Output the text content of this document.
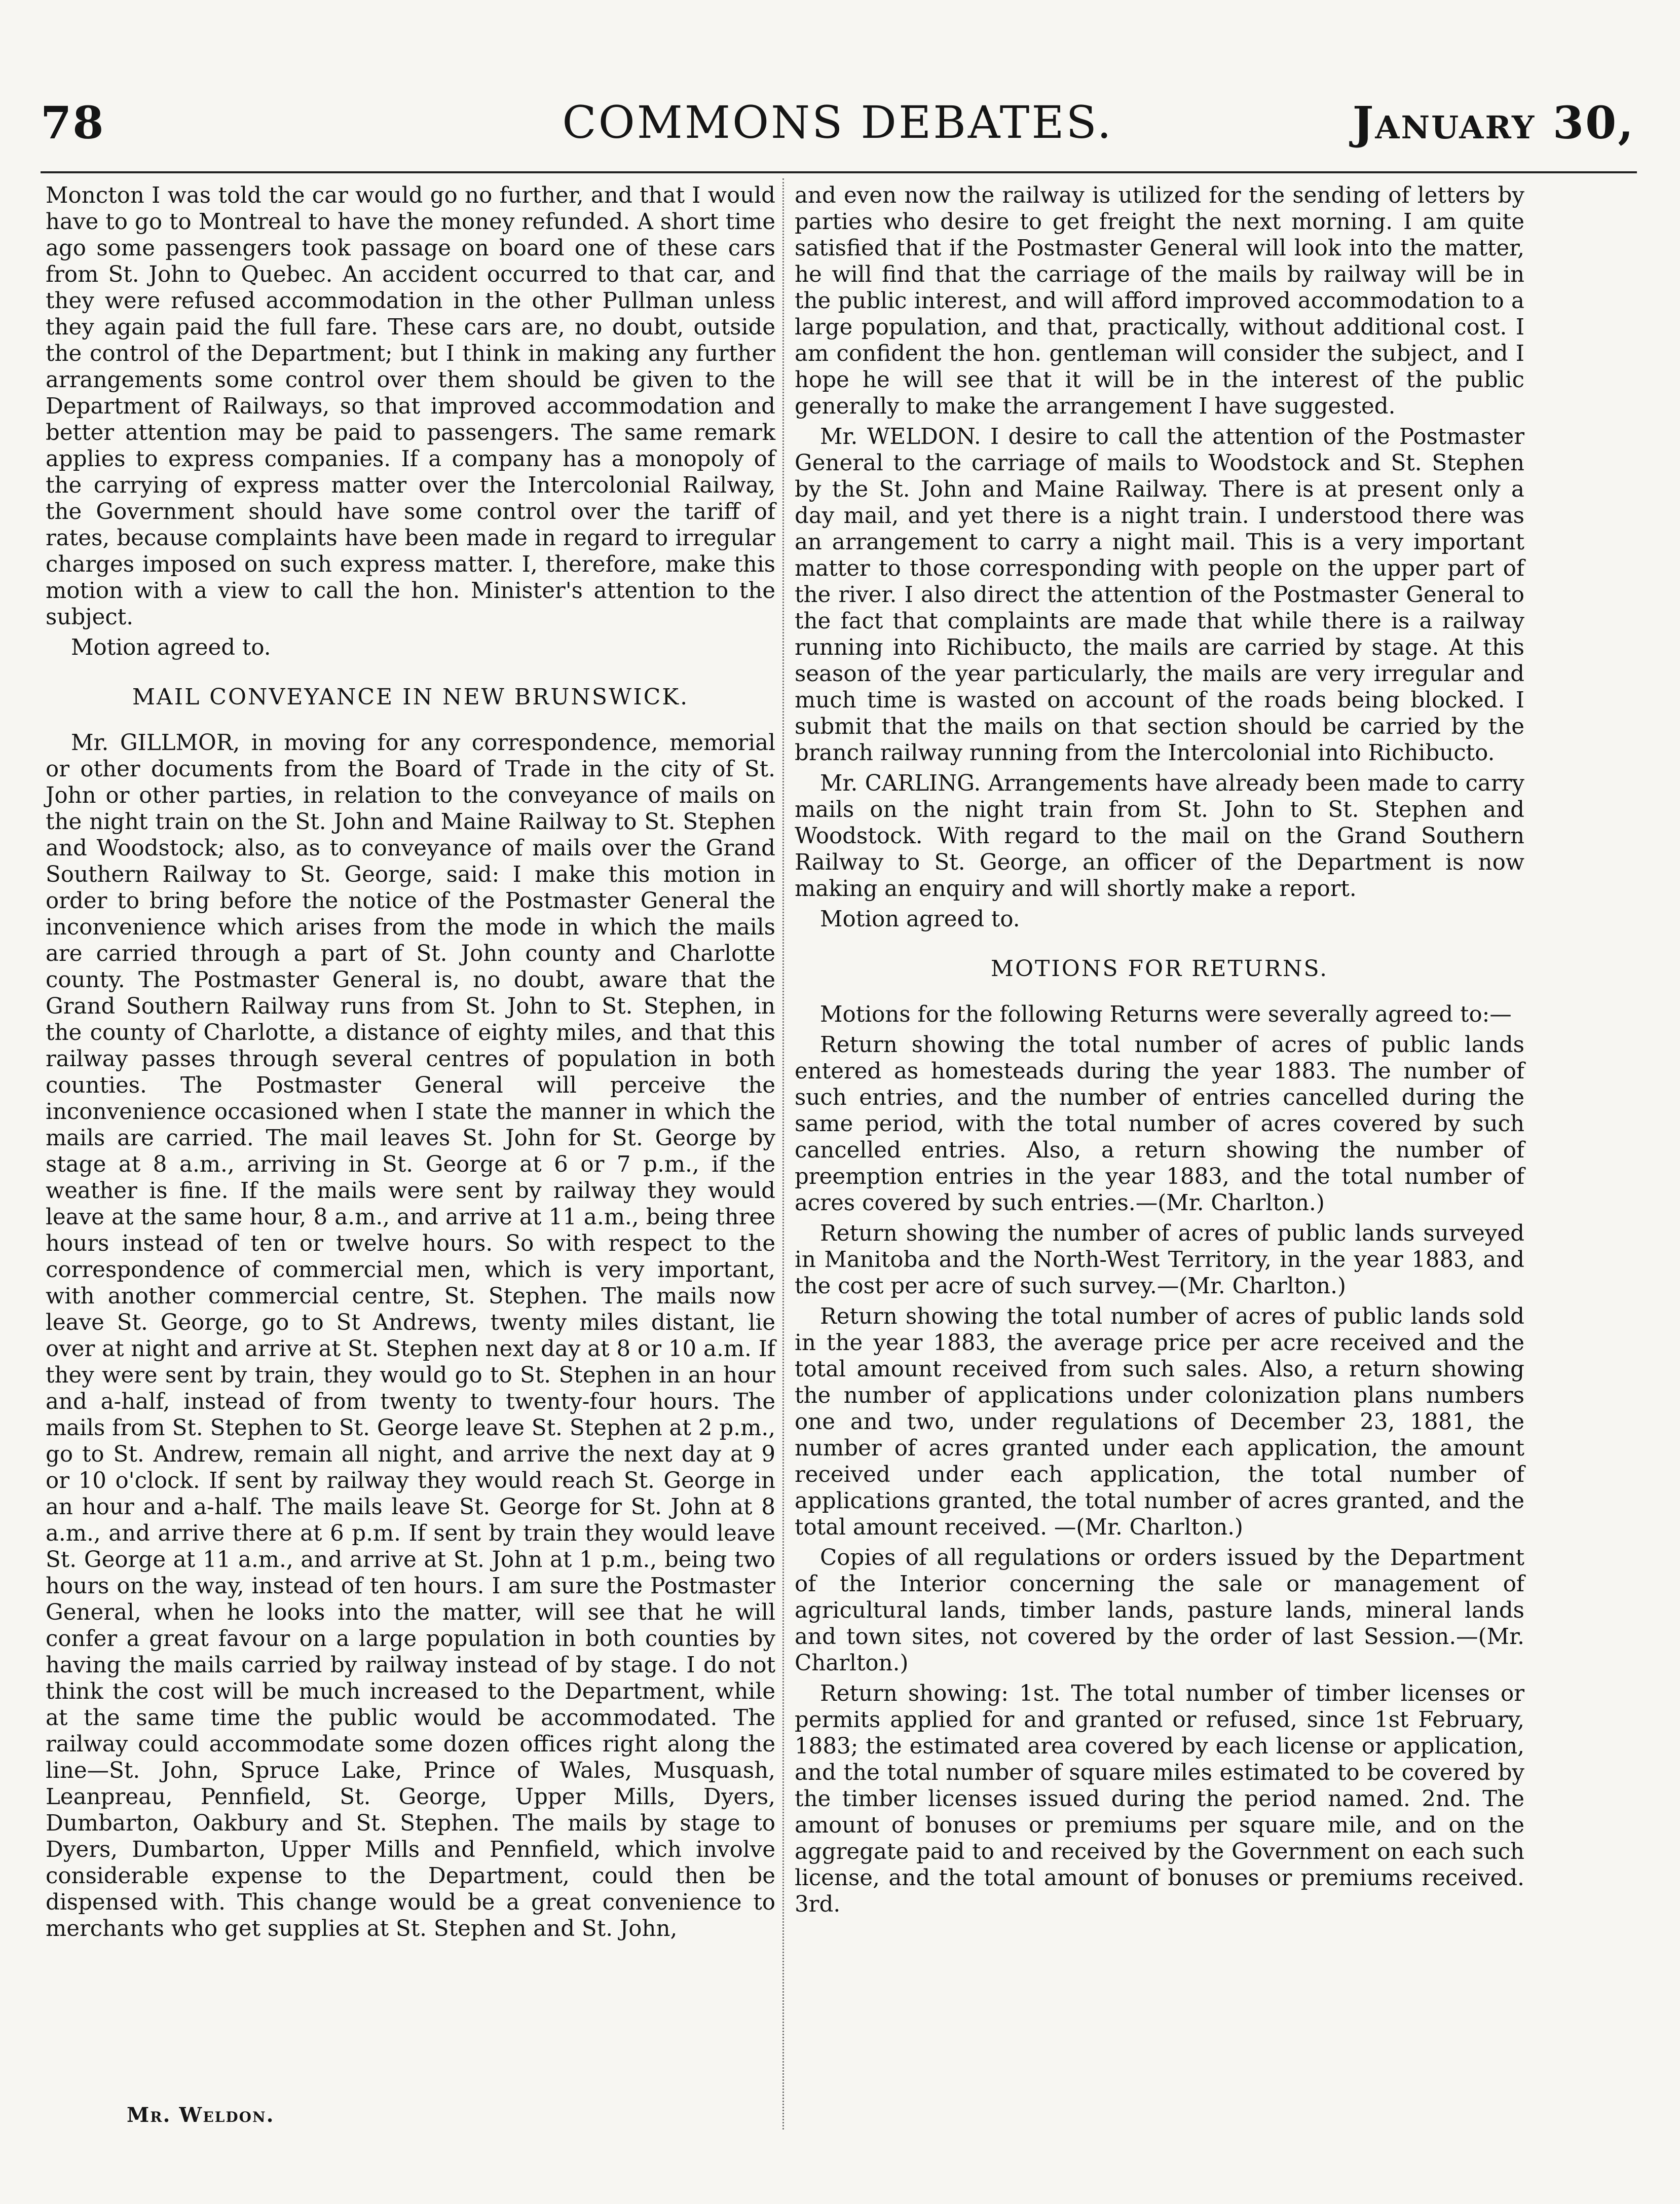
78	COMMONS DEBATES.	January 30,

Moncton I was told the car would go no further, and that I would have to go to Montreal to have the money refunded. A short time ago some passengers took passage on board one of these cars from St. John to Quebec. An accident occurred to that car, and they were refused accommodation in the other Pullman unless they again paid the full fare. These cars are, no doubt, outside the control of the Department; but I think in making any further arrangements some control over them should be given to the Department of Railways, so that improved accommodation and better attention may be paid to passengers. The same remark applies to express companies. If a company has a monopoly of the carrying of express matter over the Intercolonial Railway, the Government should have some control over the tariff of rates, because complaints have been made in regard to irregular charges imposed on such express matter. I, therefore, make this motion with a view to call the hon. Minister's attention to the subject.

Motion agreed to.

MAIL CONVEYANCE IN NEW BRUNSWICK.

Mr. GILLMOR, in moving for any correspondence, memorial or other documents from the Board of Trade in the city of St. John or other parties, in relation to the conveyance of mails on the night train on the St. John and Maine Railway to St. Stephen and Woodstock; also, as to conveyance of mails over the Grand Southern Railway to St. George, said: I make this motion in order to bring before the notice of the Postmaster General the inconvenience which arises from the mode in which the mails are carried through a part of St. John county and Charlotte county. The Postmaster General is, no doubt, aware that the Grand Southern Railway runs from St. John to St. Stephen, in the county of Charlotte, a distance of eighty miles, and that this railway passes through several centres of population in both counties. The Postmaster General will perceive the inconvenience occasioned when I state the manner in which the mails are carried. The mail leaves St. John for St. George by stage at 8 a.m., arriving in St. George at 6 or 7 p.m., if the weather is fine. If the mails were sent by railway they would leave at the same hour, 8 a.m., and arrive at 11 a.m., being three hours instead of ten or twelve hours. So with respect to the correspondence of commercial men, which is very important, with another commercial centre, St. Stephen. The mails now leave St. George, go to St Andrews, twenty miles distant, lie over at night and arrive at St. Stephen next day at 8 or 10 a.m. If they were sent by train, they would go to St. Stephen in an hour and a-half, instead of from twenty to twenty-four hours. The mails from St. Stephen to St. George leave St. Stephen at 2 p.m., go to St. Andrew, remain all night, and arrive the next day at 9 or 10 o'clock. If sent by railway they would reach St. George in an hour and a-half. The mails leave St. George for St. John at 8 a.m., and arrive there at 6 p.m. If sent by train they would leave St. George at 11 a.m., and arrive at St. John at 1 p.m., being two hours on the way, instead of ten hours. I am sure the Postmaster General, when he looks into the matter, will see that he will confer a great favour on a large population in both counties by having the mails carried by railway instead of by stage. I do not think the cost will be much increased to the Department, while at the same time the public would be accommodated. The railway could accommodate some dozen offices right along the line—St. John, Spruce Lake, Prince of Wales, Musquash, Leanpreau, Pennfield, St. George, Upper Mills, Dyers, Dumbarton, Oakbury and St. Stephen. The mails by stage to Dyers, Dumbarton, Upper Mills and Pennfield, which involve considerable expense to the Department, could then be dispensed with. This change would be a great convenience to merchants who get supplies at St. Stephen and St. John,

and even now the railway is utilized for the sending of letters by parties who desire to get freight the next morning. I am quite satisfied that if the Postmaster General will look into the matter, he will find that the carriage of the mails by railway will be in the public interest, and will afford improved accommodation to a large population, and that, practically, without additional cost. I am confident the hon. gentleman will consider the subject, and I hope he will see that it will be in the interest of the public generally to make the arrangement I have suggested.

Mr. WELDON. I desire to call the attention of the Postmaster General to the carriage of mails to Woodstock and St. Stephen by the St. John and Maine Railway. There is at present only a day mail, and yet there is a night train. I understood there was an arrangement to carry a night mail. This is a very important matter to those corresponding with people on the upper part of the river. I also direct the attention of the Postmaster General to the fact that complaints are made that while there is a railway running into Richibucto, the mails are carried by stage. At this season of the year particularly, the mails are very irregular and much time is wasted on account of the roads being blocked. I submit that the mails on that section should be carried by the branch railway running from the Intercolonial into Richibucto.

Mr. CARLING. Arrangements have already been made to carry mails on the night train from St. John to St. Stephen and Woodstock. With regard to the mail on the Grand Southern Railway to St. George, an officer of the Department is now making an enquiry and will shortly make a report.

Motion agreed to.

MOTIONS FOR RETURNS.

Motions for the following Returns were severally agreed to:—

Return showing the total number of acres of public lands entered as homesteads during the year 1883. The number of such entries, and the number of entries cancelled during the same period, with the total number of acres covered by such cancelled entries. Also, a return showing the number of preemption entries in the year 1883, and the total number of acres covered by such entries.—(Mr. Charlton.)

Return showing the number of acres of public lands surveyed in Manitoba and the North-West Territory, in the year 1883, and the cost per acre of such survey.—(Mr. Charlton.)

Return showing the total number of acres of public lands sold in the year 1883, the average price per acre received and the total amount received from such sales. Also, a return showing the number of applications under colonization plans numbers one and two, under regulations of December 23, 1881, the number of acres granted under each application, the amount received under each application, the total number of applications granted, the total number of acres granted, and the total amount received. —(Mr. Charlton.)

Copies of all regulations or orders issued by the Department of the Interior concerning the sale or management of agricultural lands, timber lands, pasture lands, mineral lands and town sites, not covered by the order of last Session.—(Mr. Charlton.)

Return showing: 1st. The total number of timber licenses or permits applied for and granted or refused, since 1st February, 1883; the estimated area covered by each license or application, and the total number of square miles estimated to be covered by the timber licenses issued during the period named. 2nd. The amount of bonuses or premiums per square mile, and on the aggregate paid to and received by the Government on each such license, and the total amount of bonuses or premiums received. 3rd.

Mr. Weldon.
